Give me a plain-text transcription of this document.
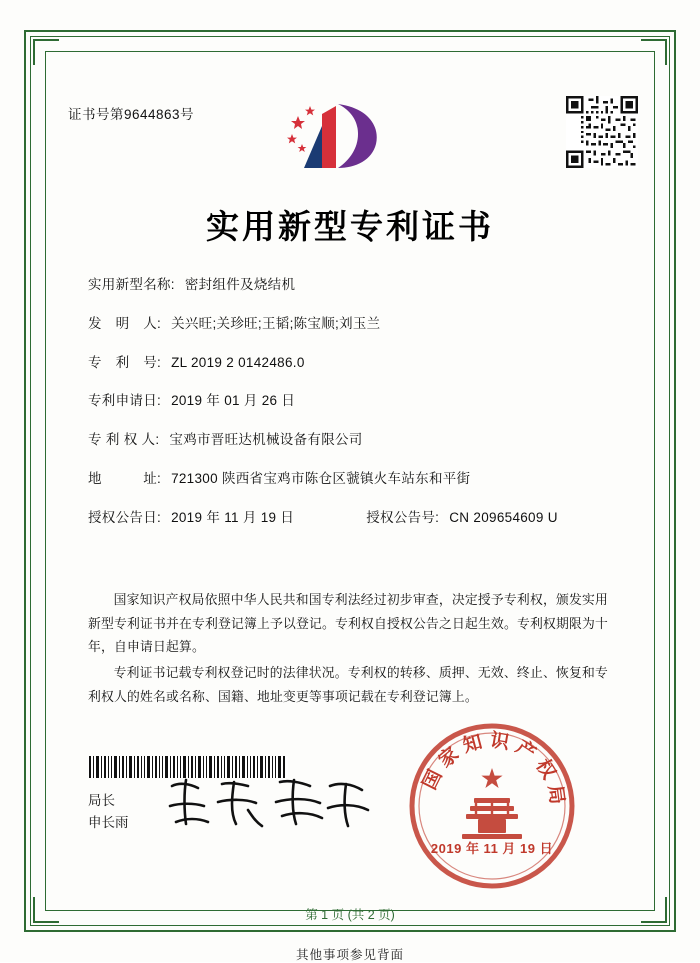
证书号第9644863号
实用新型专利证书
实用新型名称: 密封组件及烧结机
发　明　人: 关兴旺;关珍旺;王韬;陈宝顺;刘玉兰
专　利　号: ZL 2019 2 0142486.0
专利申请日: 2019 年 01 月 26 日
专 利 权 人: 宝鸡市晋旺达机械设备有限公司
地　　　址: 721300 陕西省宝鸡市陈仓区虢镇火车站东和平街
授权公告日: 2019 年 11 月 19 日	授权公告号: CN 209654609 U

国家知识产权局依照中华人民共和国专利法经过初步审查，决定授予专利权，颁发实用新型专利证书并在专利登记簿上予以登记。专利权自授权公告之日起生效。专利权期限为十年，自申请日起算。

专利证书记载专利权登记时的法律状况。专利权的转移、质押、无效、终止、恢复和专利权人的姓名或名称、国籍、地址变更等事项记载在专利登记簿上。

局长
申长雨
国家知识产权局
2019 年 11 月 19 日
第 1 页 (共 2 页)
其他事项参见背面
